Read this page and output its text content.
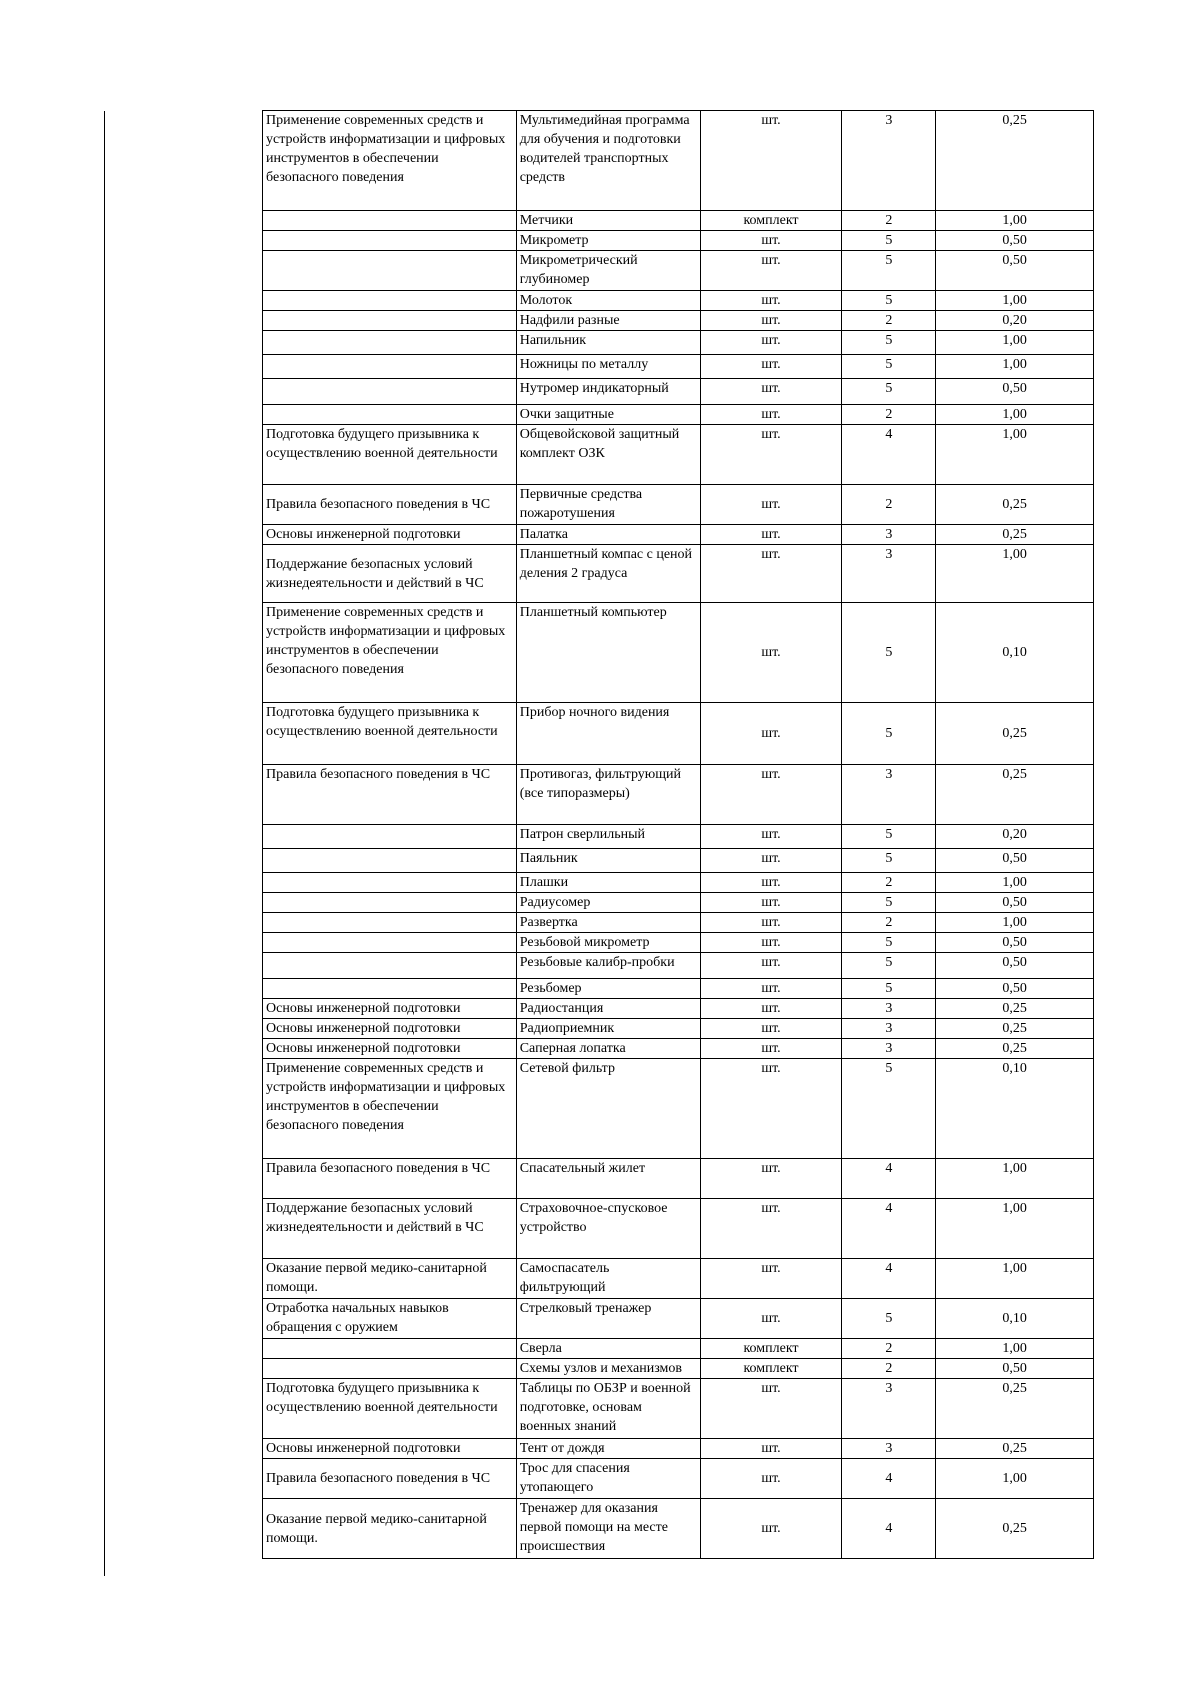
Применение современных средств и устройств информатизации и цифровых инструментов в обеспечении безопасного поведения	Мультимедийная программа для обучения и подготовки водителей транспортных средств	шт.	3	0,25
	Метчики	комплект	2	1,00
	Микрометр	шт.	5	0,50
	Микрометрический глубиномер	шт.	5	0,50
	Молоток	шт.	5	1,00
	Надфили разные	шт.	2	0,20
	Напильник	шт.	5	1,00
	Ножницы по металлу	шт.	5	1,00
	Нутромер индикаторный	шт.	5	0,50
	Очки защитные	шт.	2	1,00
Подготовка будущего призывника к осуществлению военной деятельности	Общевойсковой защитный комплект ОЗК	шт.	4	1,00
Правила безопасного поведения в ЧС	Первичные средства пожаротушения	шт.	2	0,25
Основы инженерной подготовки	Палатка	шт.	3	0,25
Поддержание безопасных условий жизнедеятельности и действий в ЧС	Планшетный компас с ценой деления 2 градуса	шт.	3	1,00
Применение современных средств и устройств информатизации и цифровых инструментов в обеспечении безопасного поведения	Планшетный компьютер	шт.	5	0,10
Подготовка будущего призывника к осуществлению военной деятельности	Прибор ночного видения	шт.	5	0,25
Правила безопасного поведения в ЧС	Противогаз, фильтрующий (все типоразмеры)	шт.	3	0,25
	Патрон сверлильный	шт.	5	0,20
	Паяльник	шт.	5	0,50
	Плашки	шт.	2	1,00
	Радиусомер	шт.	5	0,50
	Развертка	шт.	2	1,00
	Резьбовой микрометр	шт.	5	0,50
	Резьбовые калибр-пробки	шт.	5	0,50
	Резьбомер	шт.	5	0,50
Основы инженерной подготовки	Радиостанция	шт.	3	0,25
Основы инженерной подготовки	Радиоприемник	шт.	3	0,25
Основы инженерной подготовки	Саперная лопатка	шт.	3	0,25
Применение современных средств и устройств информатизации и цифровых инструментов в обеспечении безопасного поведения	Сетевой фильтр	шт.	5	0,10
Правила безопасного поведения в ЧС	Спасательный жилет	шт.	4	1,00
Поддержание безопасных условий жизнедеятельности и действий в ЧС	Страховочное-спусковое устройство	шт.	4	1,00
Оказание первой медико-санитарной помощи.	Самоспасатель фильтрующий	шт.	4	1,00
Отработка начальных навыков обращения с оружием	Стрелковый тренажер	шт.	5	0,10
	Сверла	комплект	2	1,00
	Схемы узлов и механизмов	комплект	2	0,50
Подготовка будущего призывника к осуществлению военной деятельности	Таблицы по ОБЗР и военной подготовке, основам военных знаний	шт.	3	0,25
Основы инженерной подготовки	Тент от дождя	шт.	3	0,25
Правила безопасного поведения в ЧС	Трос для спасения утопающего	шт.	4	1,00
Оказание первой медико-санитарной помощи.	Тренажер для оказания первой помощи на месте происшествия	шт.	4	0,25
